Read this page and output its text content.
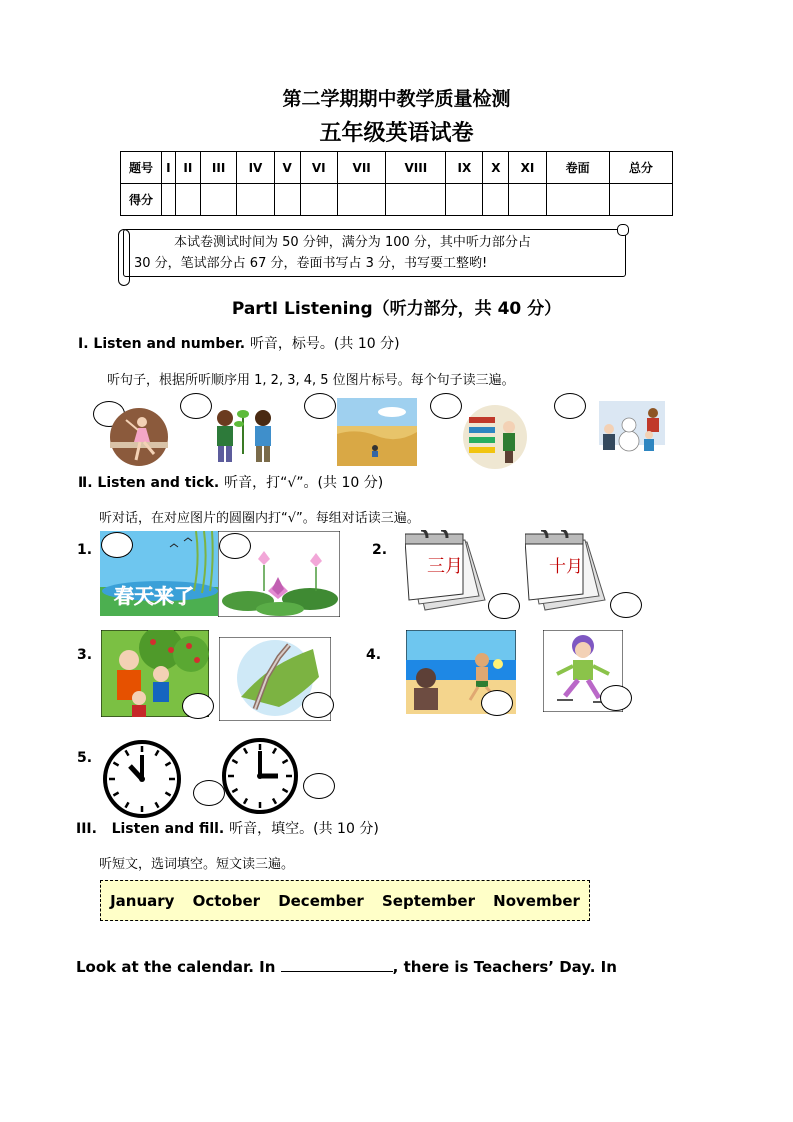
第二学期期中教学质量检测
五年级英语试卷
题号	I	II	III	IV	V	VI	VII	VIII	IX	X	XI	卷面	总分
得分													
本试卷测试时间为 50 分钟，满分为 100 分，其中听力部分占
30 分，笔试部分占 67 分，卷面书写占 3 分，书写要工整哟!
PartⅠ Listening（听力部分，共 40 分）
Ⅰ. Listen and number. 听音，标号。(共 10 分)
听句子，根据所听顺序用 1, 2, 3, 4, 5 位图片标号。每个句子读三遍。
Ⅱ. Listen and tick. 听音，打“√”。(共 10 分)
听对话，在对应图片的圆圈内打“√”。每组对话读三遍。
1.
春天来了
2.
三月	十月
3.	4.
5.
III.   Listen and fill. 听音，填空。(共 10 分)
听短文，选词填空。短文读三遍。
January October December September November
Look at the calendar. In	, there is Teachers’ Day. In
